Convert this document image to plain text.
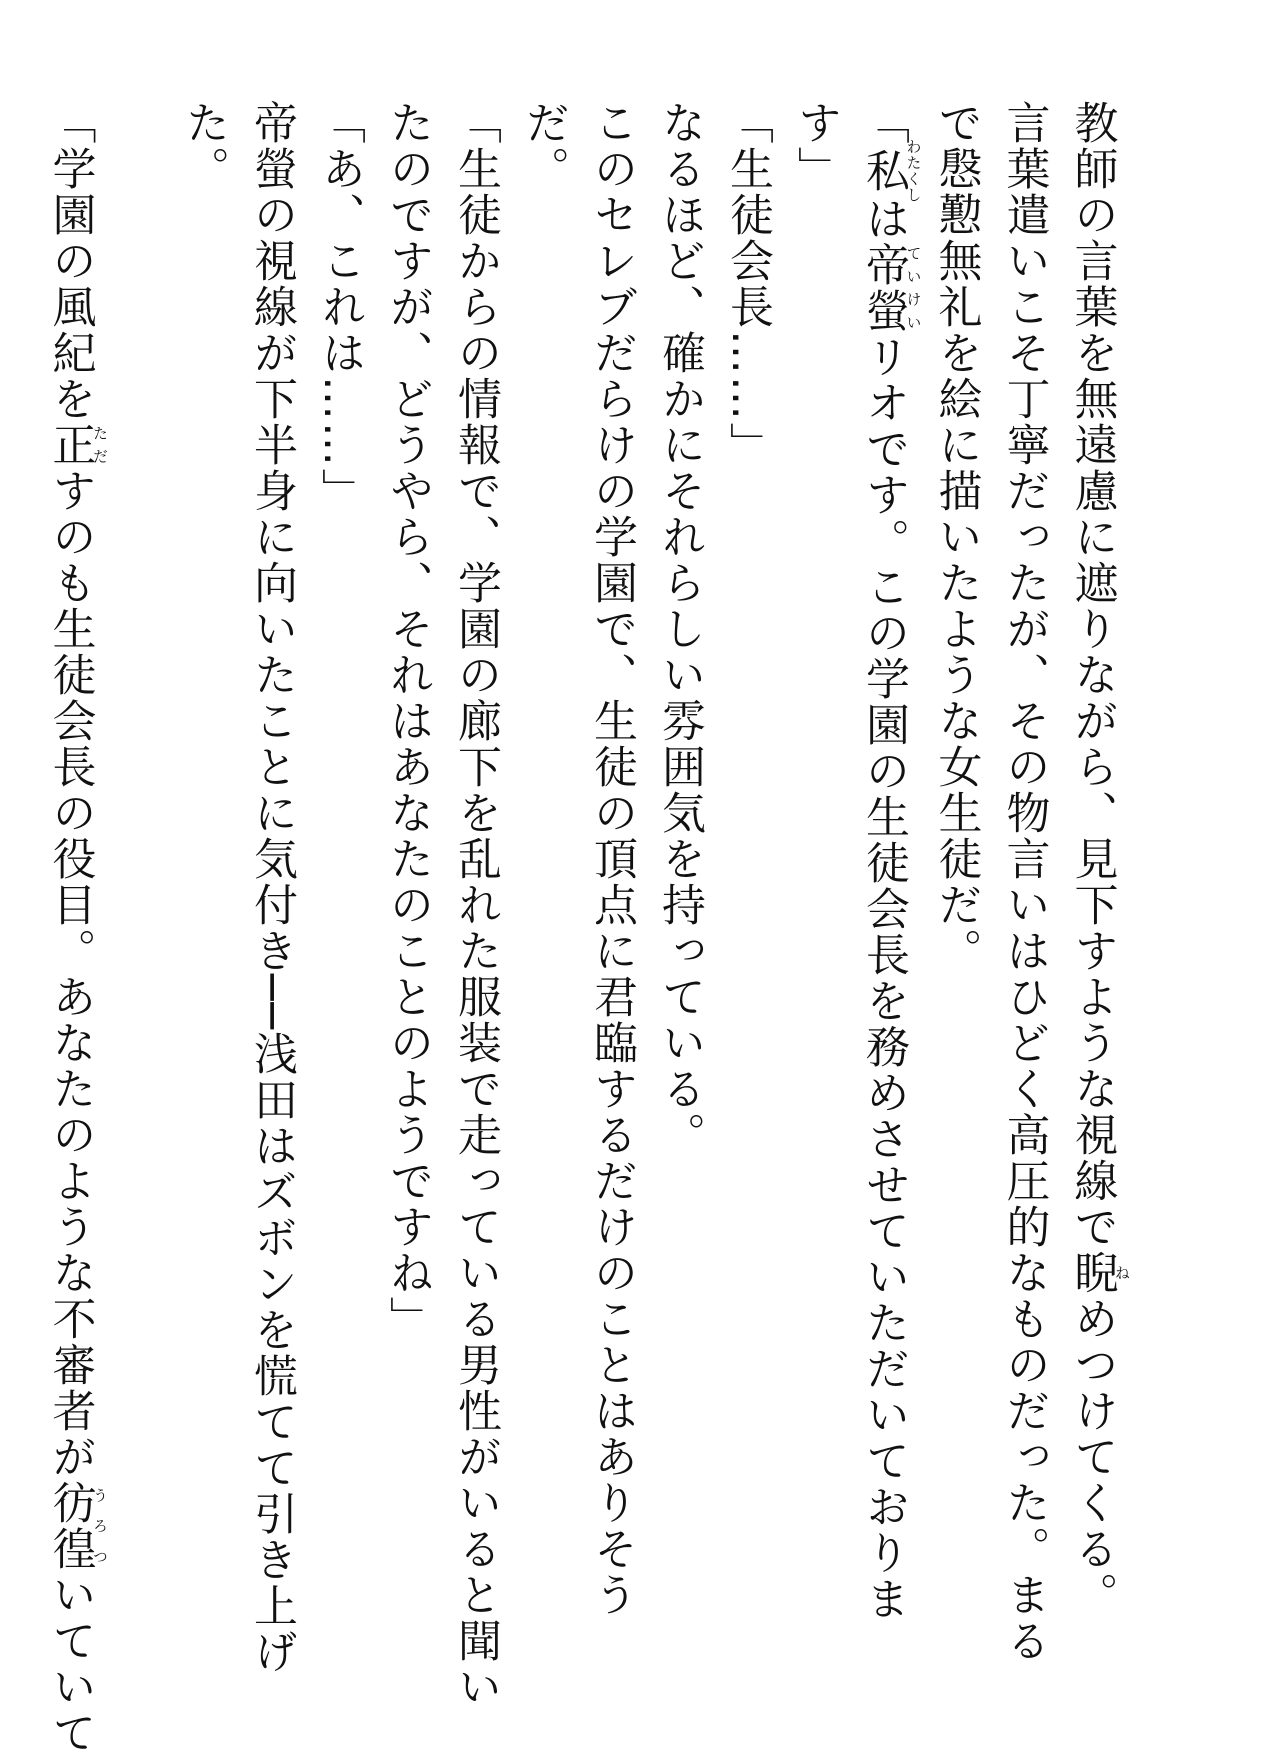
教師の言葉を無遠慮に遮りながら、見下すような視線で睨ねめつけてくる。
言葉遣いこそ丁寧だったが、その物言いはひどく高圧的なものだった。まる
で慇懃無礼を絵に描いたような女生徒だ。
「私わたくしは帝螢ていけいリオです。この学園の生徒会長を務めさせていただいておりま
す」
「生徒会長……」
なるほど、確かにそれらしい雰囲気を持っている。
このセレブだらけの学園で、生徒の頂点に君臨するだけのことはありそう
だ。
「生徒からの情報で、学園の廊下を乱れた服装で走っている男性がいると聞い
たのですが、どうやら、それはあなたのことのようですね」
「あ、これは……」
帝螢の視線が下半身に向いたことに気付き──浅田はズボンを慌てて引き上げ
た。
「学園の風紀を正ただすのも生徒会長の役目。あなたのような不審者が彷徨うろついていて
